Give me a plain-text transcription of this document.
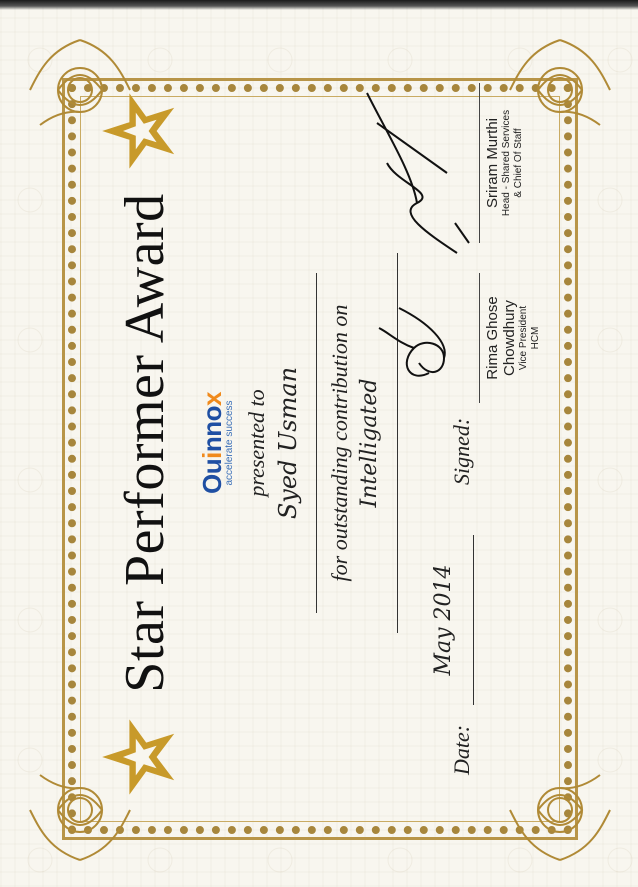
Star Performer Award Ouinnox
accelerate success presented to Syed Usman	for outstanding contribution on Intelligated
Date:
May 2014
Signed:
Rima Ghose Chowdhury Vice President HCM
Sriram Murthi Head - Shared Services & Chief Of Staff
